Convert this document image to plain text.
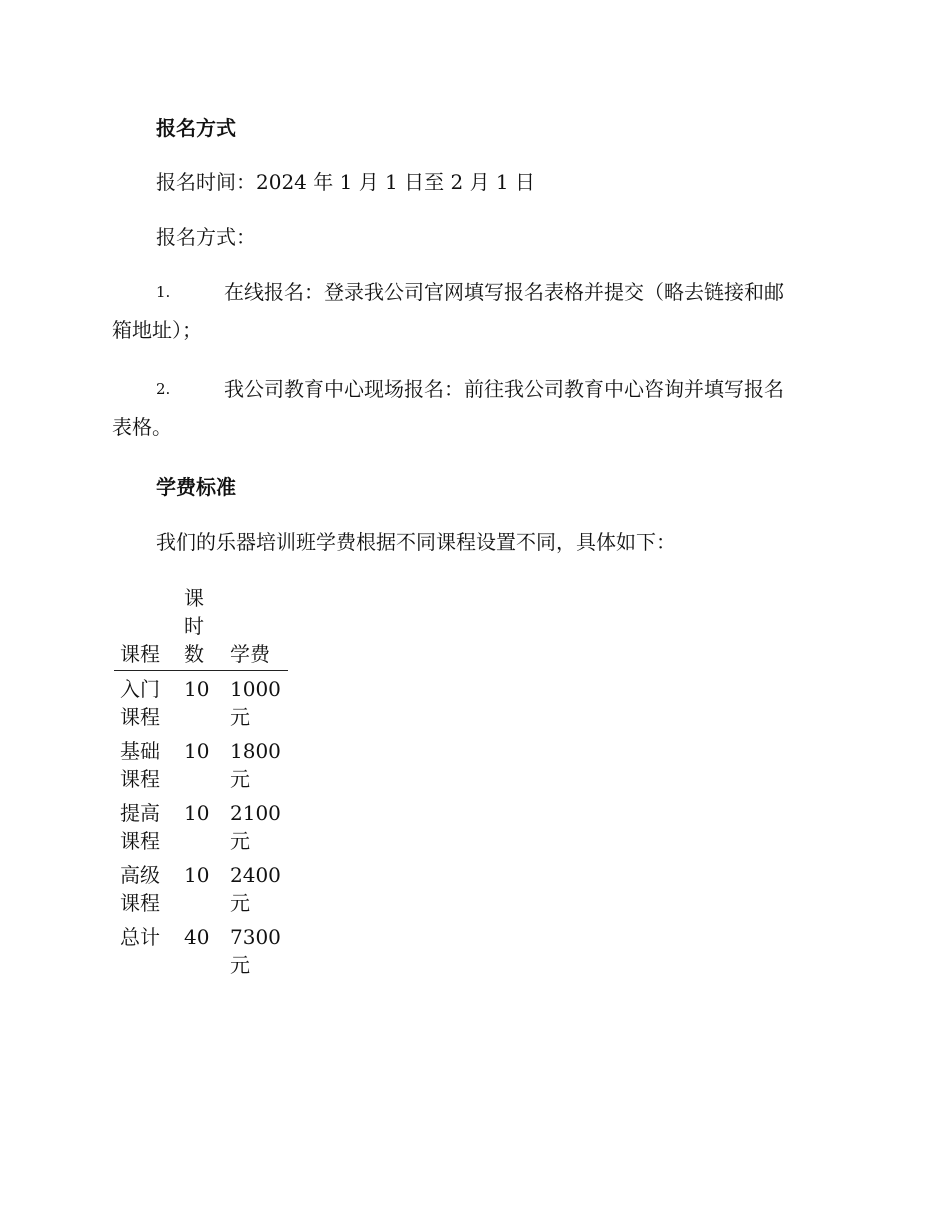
报名方式
报名时间：2024 年 1 月 1 日至 2 月 1 日
报名方式：
1.	在线报名：登录我公司官网填写报名表格并提交（略去链接和邮
箱地址）；
2.	我公司教育中心现场报名：前往我公司教育中心咨询并填写报名
表格。
学费标准
我们的乐器培训班学费根据不同课程设置不同，具体如下：
课程	课时数	学费
入门课程	10	1000 元
基础课程	10	1800 元
提高课程	10	2100 元
高级课程	10	2400 元
总计	40	7300 元
